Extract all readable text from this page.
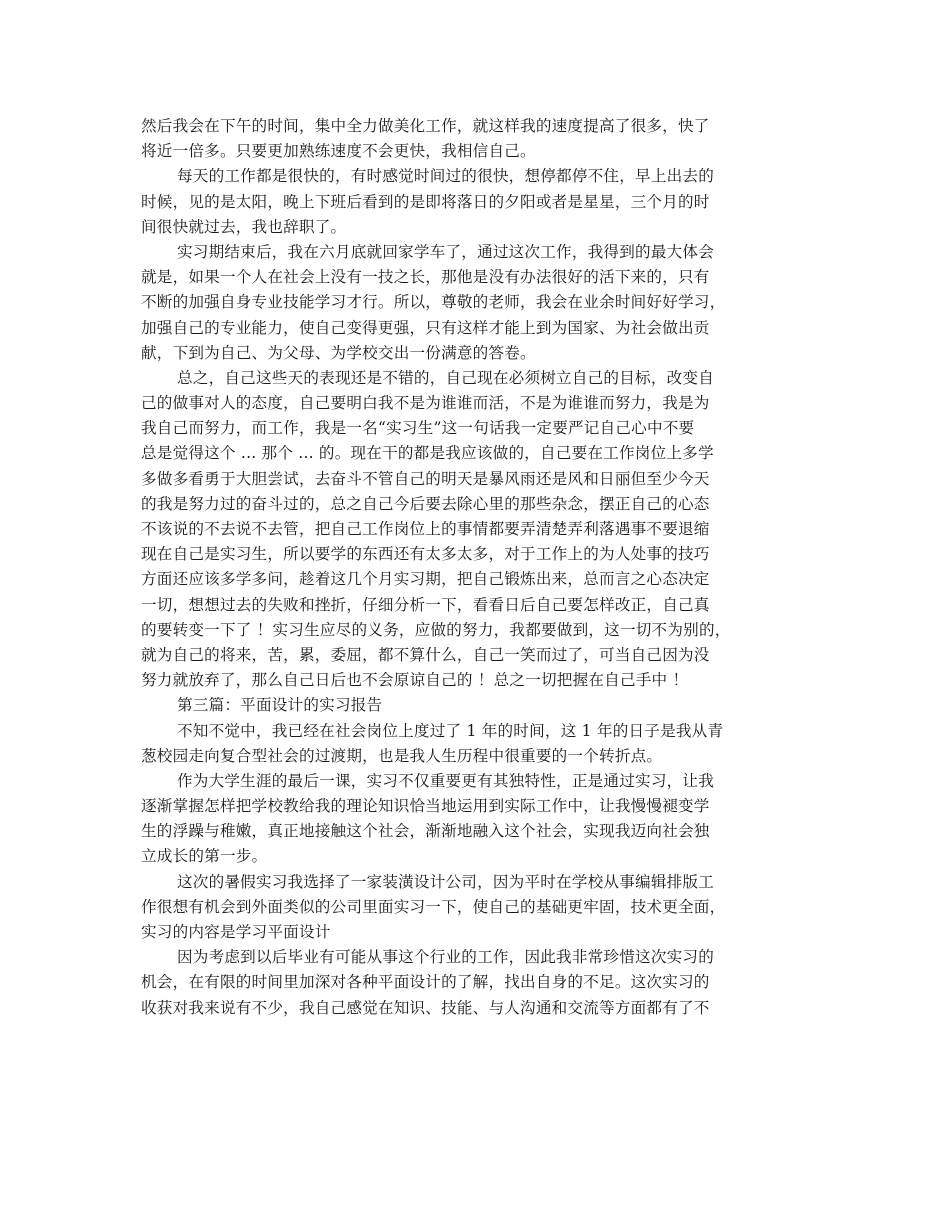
然后我会在下午的时间，集中全力做美化工作，就这样我的速度提高了很多，快了
将近一倍多。只要更加熟练速度不会更快，我相信自己。
每天的工作都是很快的，有时感觉时间过的很快，想停都停不住，早上出去的
时候，见的是太阳，晚上下班后看到的是即将落日的夕阳或者是星星，三个月的时
间很快就过去，我也辞职了。
实习期结束后，我在六月底就回家学车了，通过这次工作，我得到的最大体会
就是，如果一个人在社会上没有一技之长，那他是没有办法很好的活下来的，只有
不断的加强自身专业技能学习才行。所以，尊敬的老师，我会在业余时间好好学习，
加强自己的专业能力，使自己变得更强，只有这样才能上到为国家、为社会做出贡
献，下到为自己、为父母、为学校交出一份满意的答卷。
总之，自己这些天的表现还是不错的，自己现在必须树立自己的目标，改变自
己的做事对人的态度，自己要明白我不是为谁谁而活，不是为谁谁而努力，我是为
我自己而努力，而工作，我是一名“实习生”这一句话我一定要严记自己心中不要
总是觉得这个 ... 那个 ... 的。现在干的都是我应该做的，自己要在工作岗位上多学
多做多看勇于大胆尝试，去奋斗不管自己的明天是暴风雨还是风和日丽但至少今天
的我是努力过的奋斗过的，总之自己今后要去除心里的那些杂念，摆正自己的心态
不该说的不去说不去管，把自己工作岗位上的事情都要弄清楚弄利落遇事不要退缩
现在自己是实习生，所以要学的东西还有太多太多，对于工作上的为人处事的技巧
方面还应该多学多问，趁着这几个月实习期，把自己锻炼出来，总而言之心态决定
一切，想想过去的失败和挫折，仔细分析一下，看看日后自己要怎样改正，自己真
的要转变一下了 ！实习生应尽的义务，应做的努力，我都要做到，这一切不为别的，
就为自己的将来，苦，累，委屈，都不算什么，自己一笑而过了，可当自己因为没
努力就放弃了，那么自己日后也不会原谅自己的 ！总之一切把握在自己手中 ！
第三篇：平面设计的实习报告
不知不觉中，我已经在社会岗位上度过了 1 年的时间，这 1 年的日子是我从青
葱校园走向复合型社会的过渡期，也是我人生历程中很重要的一个转折点。
作为大学生涯的最后一课，实习不仅重要更有其独特性，正是通过实习，让我
逐渐掌握怎样把学校教给我的理论知识恰当地运用到实际工作中，让我慢慢褪变学
生的浮躁与稚嫩，真正地接触这个社会，渐渐地融入这个社会，实现我迈向社会独
立成长的第一步。
这次的暑假实习我选择了一家装潢设计公司，因为平时在学校从事编辑排版工
作很想有机会到外面类似的公司里面实习一下，使自己的基础更牢固，技术更全面，
实习的内容是学习平面设计
因为考虑到以后毕业有可能从事这个行业的工作，因此我非常珍惜这次实习的
机会，在有限的时间里加深对各种平面设计的了解，找出自身的不足。这次实习的
收获对我来说有不少，我自己感觉在知识、技能、与人沟通和交流等方面都有了不
